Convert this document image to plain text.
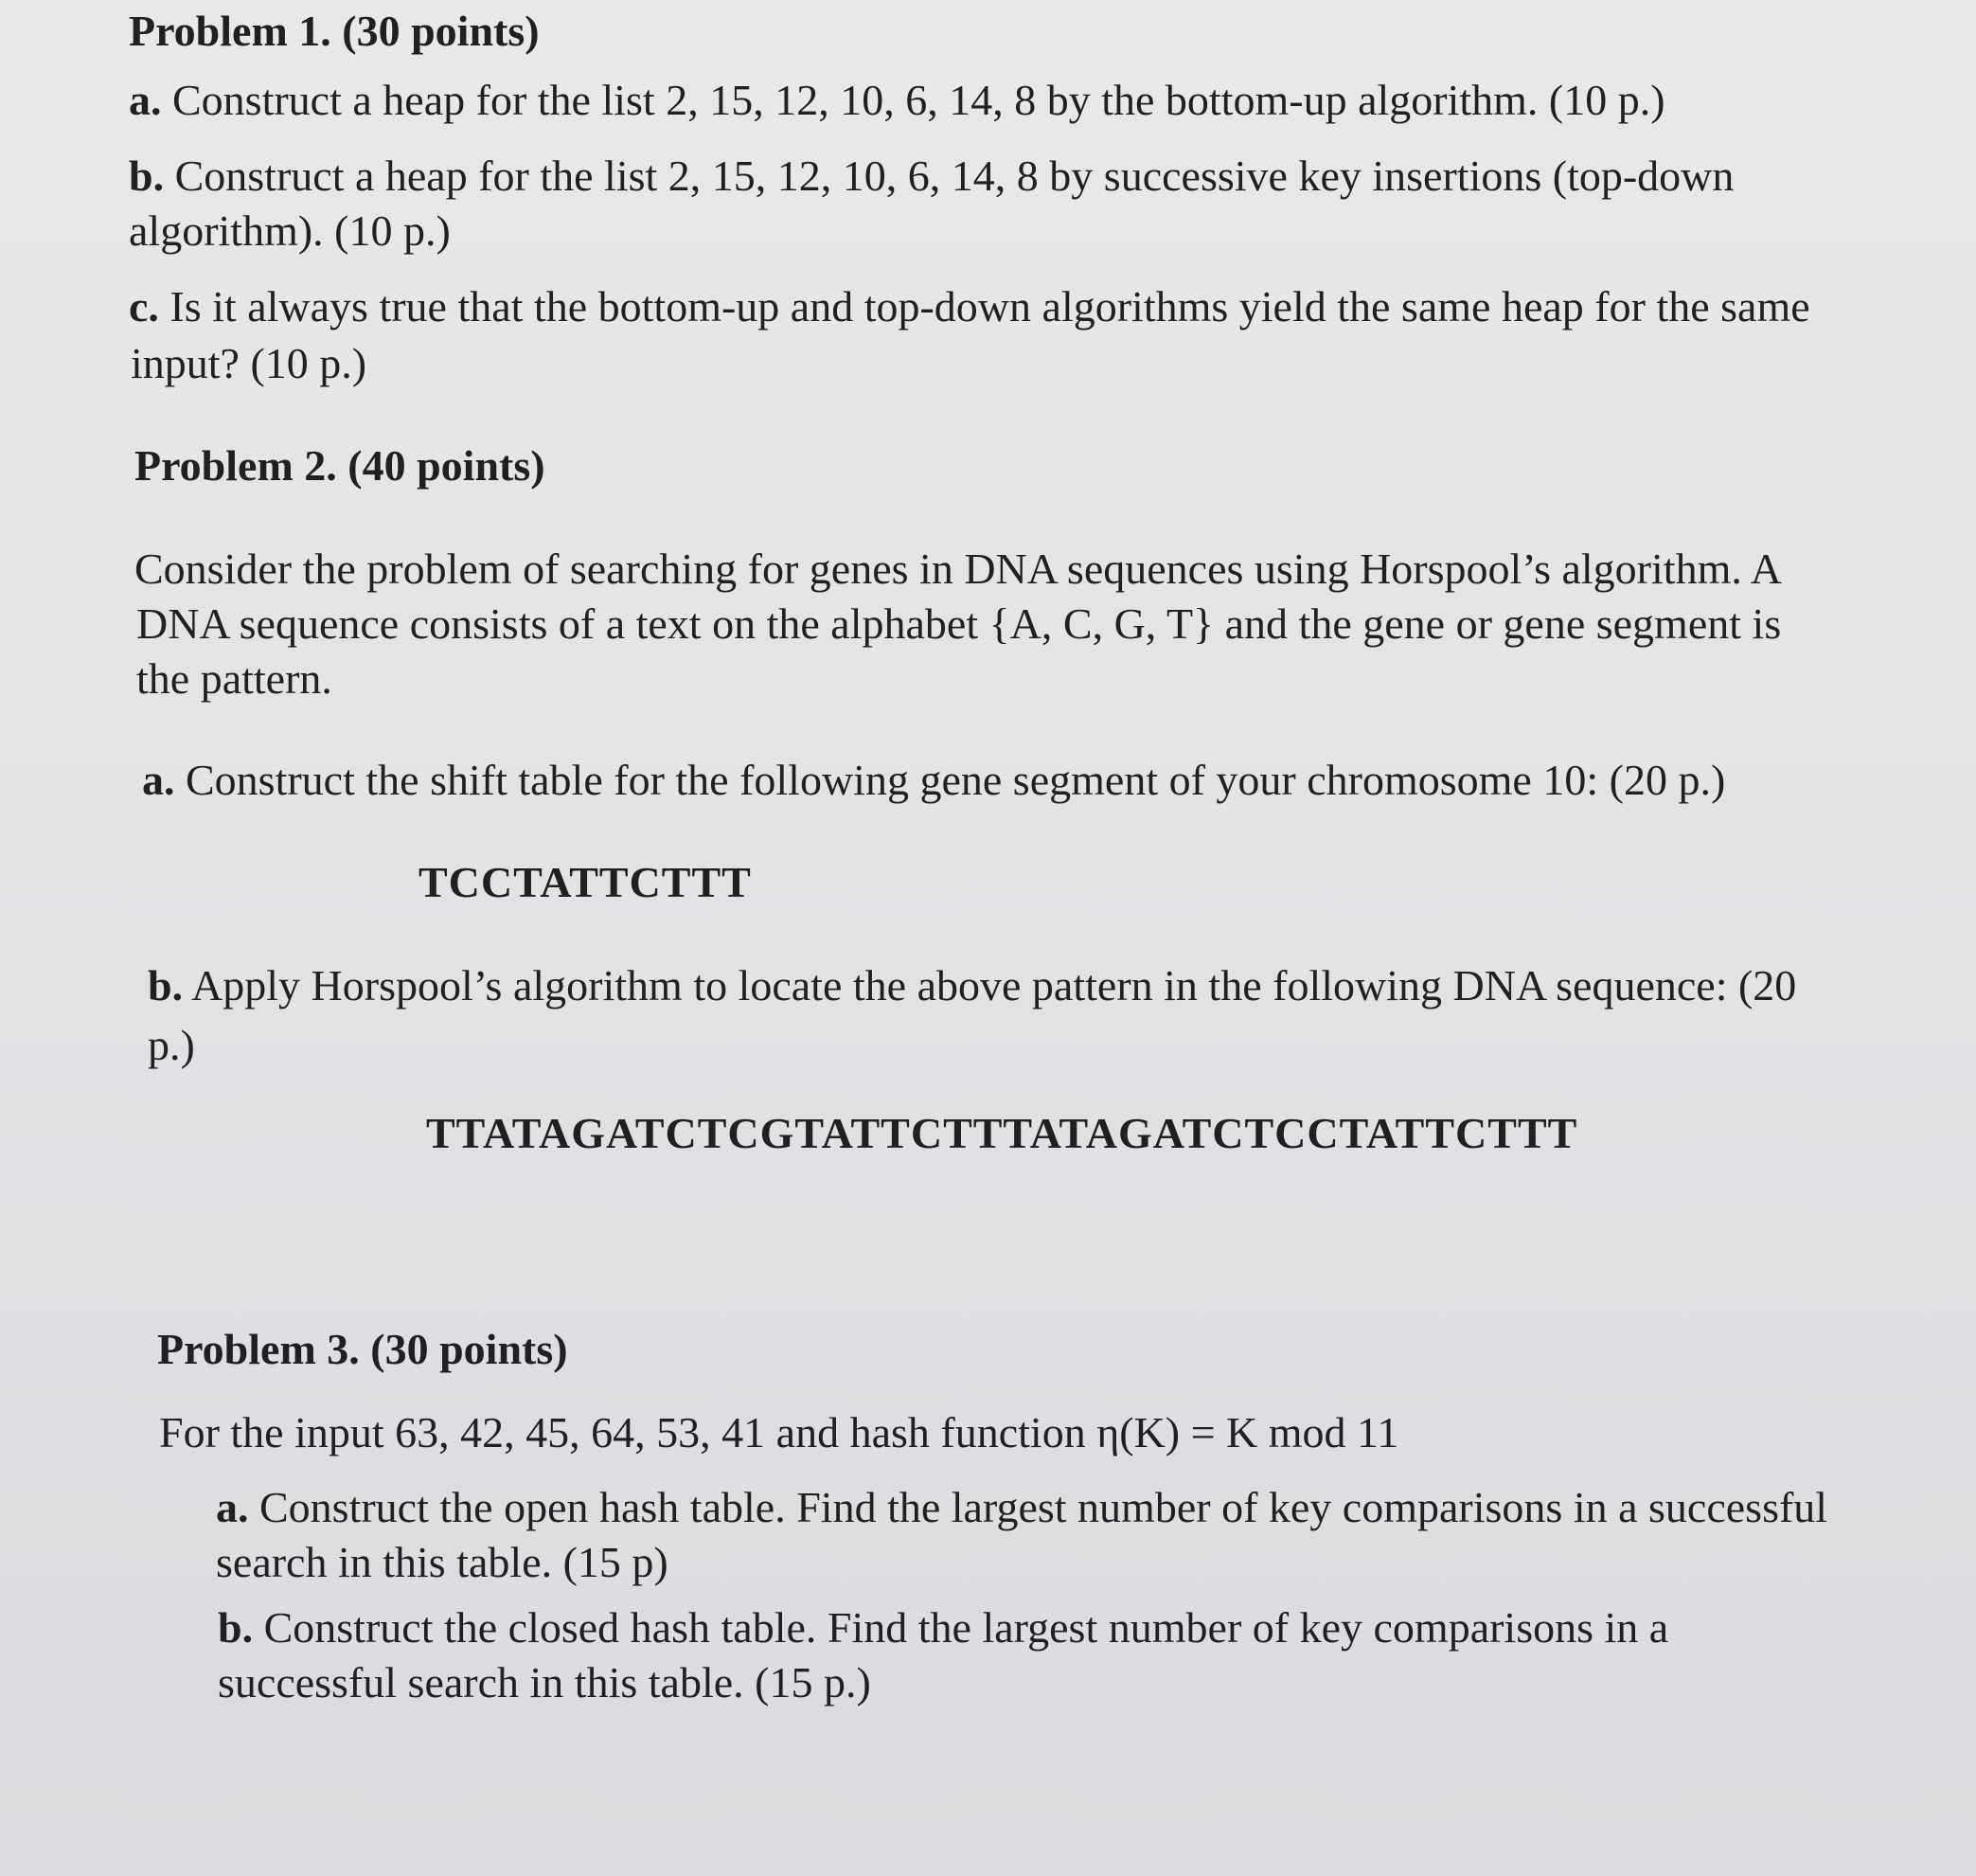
Problem 1. (30 points)
a. Construct a heap for the list 2, 15, 12, 10, 6, 14, 8 by the bottom-up algorithm. (10 p.)
b. Construct a heap for the list 2, 15, 12, 10, 6, 14, 8 by successive key insertions (top-down
algorithm). (10 p.)
c. Is it always true that the bottom-up and top-down algorithms yield the same heap for the same
input? (10 p.)
Problem 2. (40 points)
Consider the problem of searching for genes in DNA sequences using Horspool’s algorithm. A
DNA sequence consists of a text on the alphabet {A, C, G, T} and the gene or gene segment is
the pattern.
a. Construct the shift table for the following gene segment of your chromosome 10: (20 p.)
TCCTATTCTTT
b. Apply Horspool’s algorithm to locate the above pattern in the following DNA sequence: (20
p.)
TTATAGATCTCGTATTCTTTATAGATCTCCTATTCTTT
Problem 3. (30 points)
For the input 63, 42, 45, 64, 53, 41 and hash function η(K) = K mod 11
a. Construct the open hash table. Find the largest number of key comparisons in a successful
search in this table. (15 p)
b. Construct the closed hash table. Find the largest number of key comparisons in a
successful search in this table. (15 p.)
